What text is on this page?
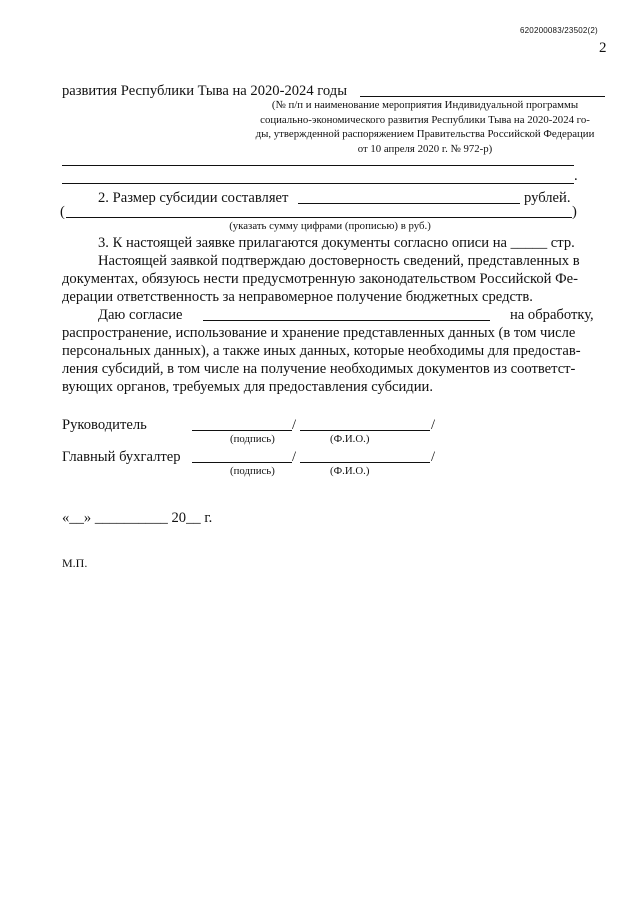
620200083/23502(2)
2
развития Республики Тыва на 2020-2024 годы
(№ п/п и наименование мероприятия Индивидуальной программы
социально-экономического развития Республики Тыва на 2020-2024 го-
ды, утвержденной распоряжением Правительства Российской Федерации
от 10 апреля 2020 г. № 972-р)
.
2. Размер субсидии составляет	рублей.
(	)
(указать сумму цифрами (прописью) в руб.)
3. К настоящей заявке прилагаются документы согласно описи на _____ стр.
Настоящей заявкой подтверждаю достоверность сведений, представленных в
документах, обязуюсь нести предусмотренную законодательством Российской Фе-
дерации ответственность за неправомерное получение бюджетных средств.
Даю согласие	на обработку,
распространение, использование и хранение представленных данных (в том числе
персональных данных), а также иных данных, которые необходимы для предостав-
ления субсидий, в том числе на получение необходимых документов из соответст-
вующих органов, требуемых для предоставления субсидии.
Руководитель	/	/
(подпись)	(Ф.И.О.)
Главный бухгалтер	/	/
(подпись)	(Ф.И.О.)
«__» __________ 20__ г.
М.П.
